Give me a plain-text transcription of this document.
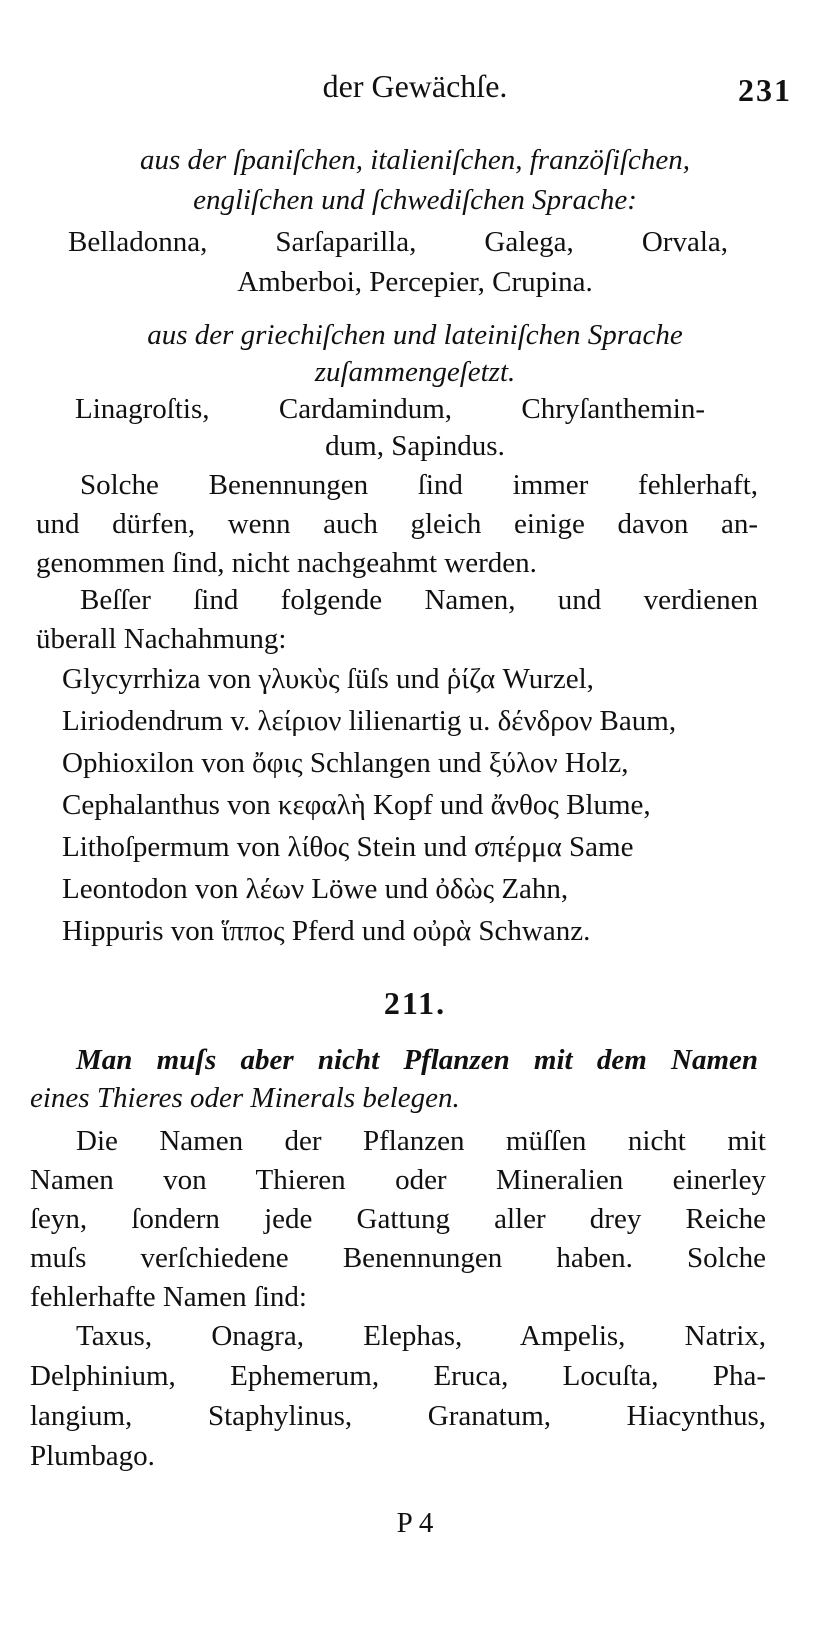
der Gewächſe.	231
aus der ſpaniſchen, italieniſchen, franzöſiſchen,
engliſchen und ſchwediſchen Sprache:
Belladonna, Sarſaparilla, Galega, Orvala,
Amberboi, Percepier, Crupina.
aus der griechiſchen und lateiniſchen Sprache
zuſammengeſetzt.
Linagroſtis, Cardamindum, Chryſanthemin-
dum, Sapindus.
Solche Benennungen ſind immer fehlerhaft,
und dürfen, wenn auch gleich einige davon an-
genommen ſind, nicht nachgeahmt werden.
Beſſer ſind folgende Namen, und verdienen
überall Nachahmung:
Glycyrrhiza von γλυκὺς ſüſs und ῥίζα Wurzel,
Liriodendrum v. λείριον lilienartig u. δένδρον Baum,
Ophioxilon von ὄφις Schlangen und ξύλον Holz,
Cephalanthus von κεφαλὴ Kopf und ἄνθος Blume,
Lithoſpermum von λίθος Stein und σπέρμα Same
Leontodon von λέων Löwe und ὀδὼς Zahn,
Hippuris von ἵππος Pferd und οὐρὰ Schwanz.
211.
Man muſs aber nicht Pflanzen mit dem Namen
eines Thieres oder Minerals belegen.
Die Namen der Pflanzen müſſen nicht mit
Namen von Thieren oder Mineralien einerley
ſeyn, ſondern jede Gattung aller drey Reiche
muſs verſchiedene Benennungen haben. Solche
fehlerhafte Namen ſind:
Taxus, Onagra, Elephas, Ampelis, Natrix,
Delphinium, Ephemerum, Eruca, Locuſta, Pha-
langium, Staphylinus, Granatum, Hiacynthus,
Plumbago.
P 4
